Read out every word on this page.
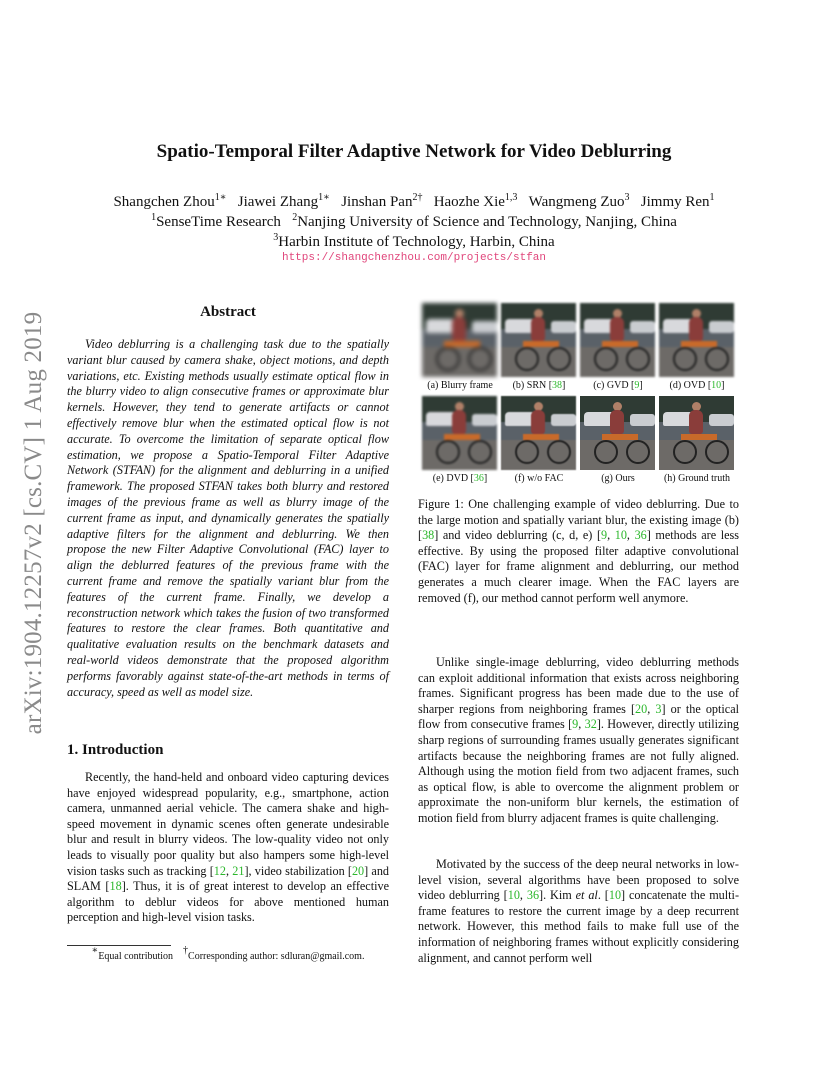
arXiv:1904.12257v2 [cs.CV] 1 Aug 2019
Spatio-Temporal Filter Adaptive Network for Video Deblurring
Shangchen Zhou$^{1∗}$ Jiawei Zhang$^{1∗}$ Jinshan Pan$^{2\dagger}$ Haozhe Xie$^{1,3}$ Wangmeng Zuo$^3$ Jimmy Ren$^1$
$^1$SenseTime Research $^2$Nanjing University of Science and Technology, Nanjing, China
$^3$Harbin Institute of Technology, Harbin, China
https://shangchenzhou.com/projects/stfan
Abstract

Video deblurring is a challenging task due to the spatially variant blur caused by camera shake, object motions, and depth variations, etc. Existing methods usually estimate optical flow in the blurry video to align consecutive frames or approximate blur kernels. However, they tend to generate artifacts or cannot effectively remove blur when the estimated optical flow is not accurate. To overcome the limitation of separate optical flow estimation, we propose a Spatio-Temporal Filter Adaptive Network (STFAN) for the alignment and deblurring in a unified framework. The proposed STFAN takes both blurry and restored images of the previous frame as well as blurry image of the current frame as input, and dynamically generates the spatially adaptive filters for the alignment and deblurring. We then propose the new Filter Adaptive Convolutional (FAC) layer to align the deblurred features of the previous frame with the current frame and remove the spatially variant blur from the features of the current frame. Finally, we develop a reconstruction network which takes the fusion of two transformed features to restore the clear frames. Both quantitative and qualitative evaluation results on the benchmark datasets and real-world videos demonstrate that the proposed algorithm performs favorably against state-of-the-art methods in terms of accuracy, speed as well as model size.

1. Introduction

Recently, the hand-held and onboard video capturing devices have enjoyed widespread popularity, e.g., smartphone, action camera, unmanned aerial vehicle. The camera shake and high-speed movement in dynamic scenes often generate undesirable blur and result in blurry videos. The low-quality video not only leads to visually poor quality but also hampers some high-level vision tasks such as tracking [12, 21], video stabilization [20] and SLAM [18]. Thus, it is of great interest to develop an effective algorithm to deblur videos for above mentioned human perception and high-level vision tasks.

∗Equal contribution    †Corresponding author: sdluran@gmail.com.
(a) Blurry frame	(b) SRN [38]	(c) GVD [9]	(d) OVD [10]
(e) DVD [36]	(f) w/o FAC	(g) Ours	(h) Ground truth

Figure 1: One challenging example of video deblurring. Due to the large motion and spatially variant blur, the existing image (b) [38] and video deblurring (c, d, e) [9, 10, 36] methods are less effective. By using the proposed filter adaptive convolutional (FAC) layer for frame alignment and deblurring, our method generates a much clearer image. When the FAC layers are removed (f), our method cannot perform well anymore.

Unlike single-image deblurring, video deblurring methods can exploit additional information that exists across neighboring frames. Significant progress has been made due to the use of sharper regions from neighboring frames [20, 3] or the optical flow from consecutive frames [9, 32]. However, directly utilizing sharp regions of surrounding frames usually generates significant artifacts because the neighboring frames are not fully aligned. Although using the motion field from two adjacent frames, such as optical flow, is able to overcome the alignment problem or approximate the non-uniform blur kernels, the estimation of motion field from blurry adjacent frames is quite challenging.

Motivated by the success of the deep neural networks in low-level vision, several algorithms have been proposed to solve video deblurring [10, 36]. Kim et al. [10] concatenate the multi-frame features to restore the current image by a deep recurrent network. However, this method fails to make full use of the information of neighboring frames without explicitly considering alignment, and cannot perform well
